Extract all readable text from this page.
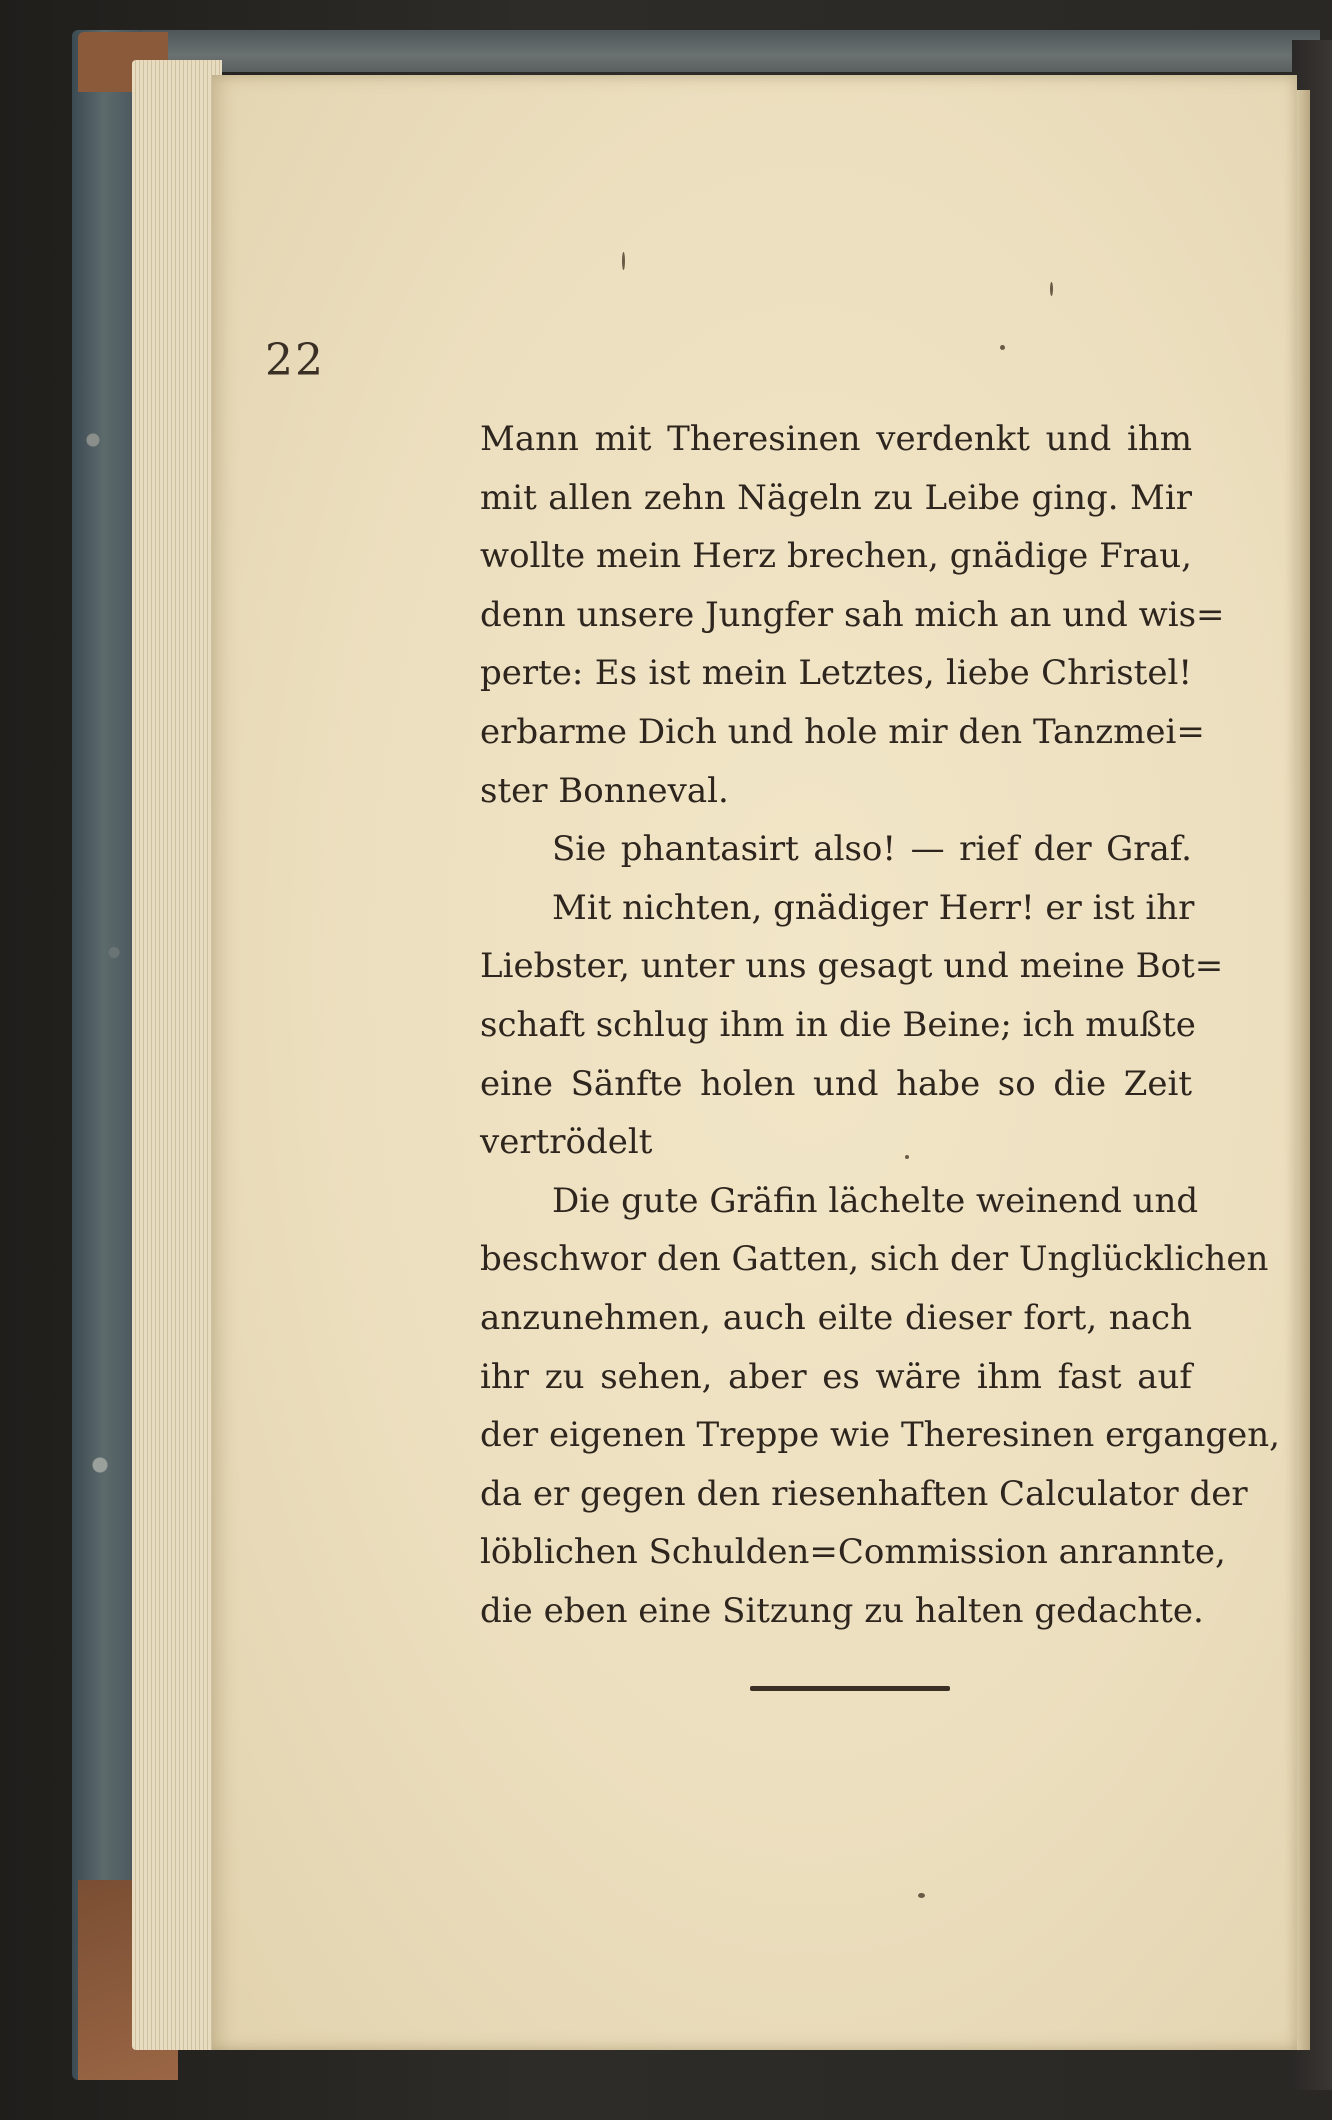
22
Mann mit Theresinen verdenkt und ihm
mit allen zehn Nägeln zu Leibe ging. Mir
wollte mein Herz brechen, gnädige Frau,
denn unsere Jungfer sah mich an und wis=
perte: Es ist mein Letztes, liebe Christel!
erbarme Dich und hole mir den Tanzmei=
ster Bonneval.
Sie phantasirt also! — rief der Graf.
Mit nichten, gnädiger Herr! er ist ihr
Liebster, unter uns gesagt und meine Bot=
schaft schlug ihm in die Beine; ich mußte
eine Sänfte holen und habe so die Zeit
vertrödelt
Die gute Gräfin lächelte weinend und
beschwor den Gatten, sich der Unglücklichen
anzunehmen, auch eilte dieser fort, nach
ihr zu sehen, aber es wäre ihm fast auf
der eigenen Treppe wie Theresinen ergangen,
da er gegen den riesenhaften Calculator der
löblichen Schulden=Commission anrannte,
die eben eine Sitzung zu halten gedachte.
